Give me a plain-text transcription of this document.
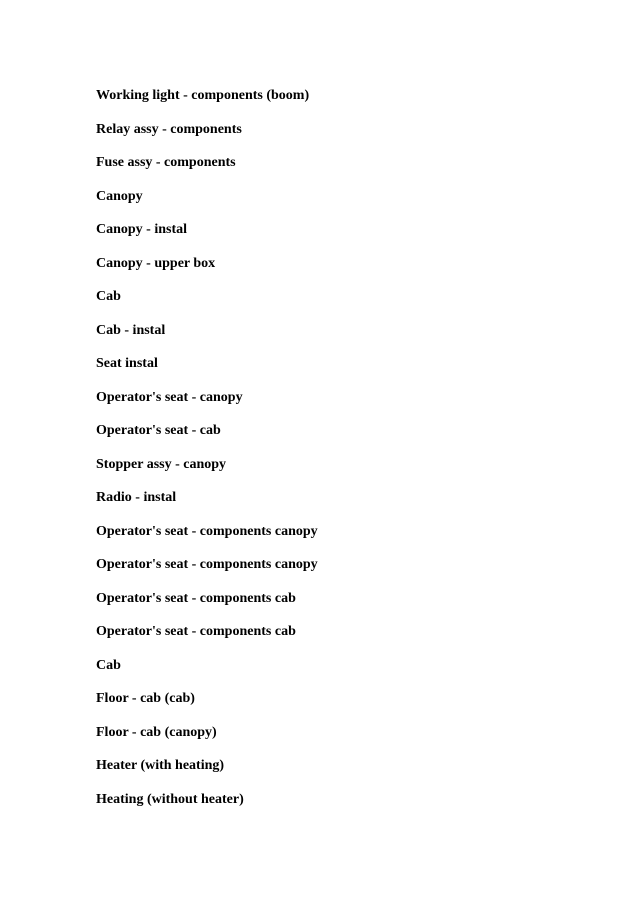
Working light - components (boom)
Relay assy - components
Fuse assy - components
Canopy
Canopy - instal
Canopy - upper box
Cab
Cab - instal
Seat instal
Operator's seat - canopy
Operator's seat - cab
Stopper assy - canopy
Radio - instal
Operator's seat - components canopy
Operator's seat - components canopy
Operator's seat - components cab
Operator's seat - components cab
Cab
Floor - cab (cab)
Floor - cab (canopy)
Heater (with heating)
Heating (without heater)
